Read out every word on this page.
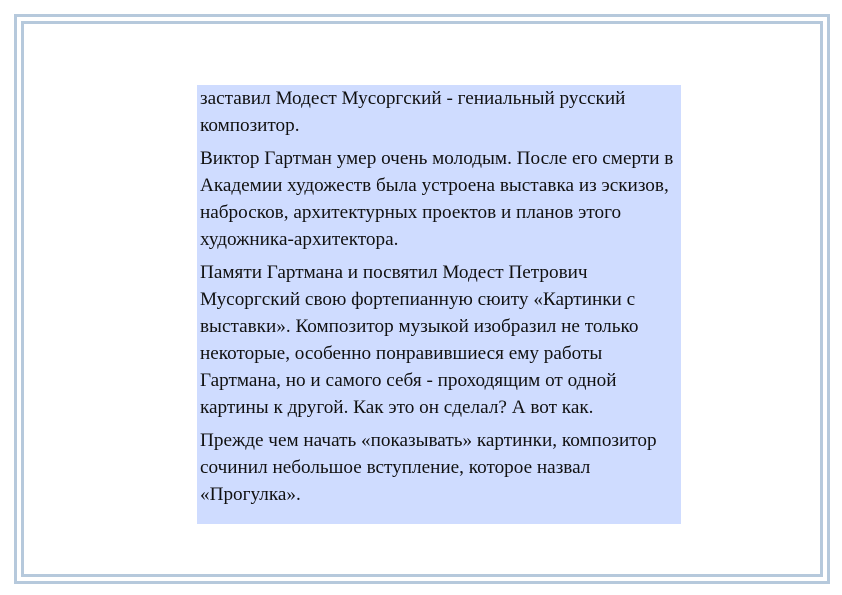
заставил Модест Мусоргский - гениальный русский композитор.

Виктор Гартман умер очень молодым. После его смерти в Академии художеств была устроена выставка из эскизов, набросков, архитектурных проектов и планов этого художника-архитектора.

Памяти Гартмана и посвятил Модест Петрович Мусоргский свою фортепианную сюиту «Картинки с выставки». Композитор музыкой изобразил не только некоторые, особенно понравившиеся ему работы Гартмана, но и самого себя - проходящим от одной картины к другой. Как это он сделал? А вот как.

Прежде чем начать «показывать» картинки, композитор сочинил небольшое вступление, которое назвал «Прогулка».
